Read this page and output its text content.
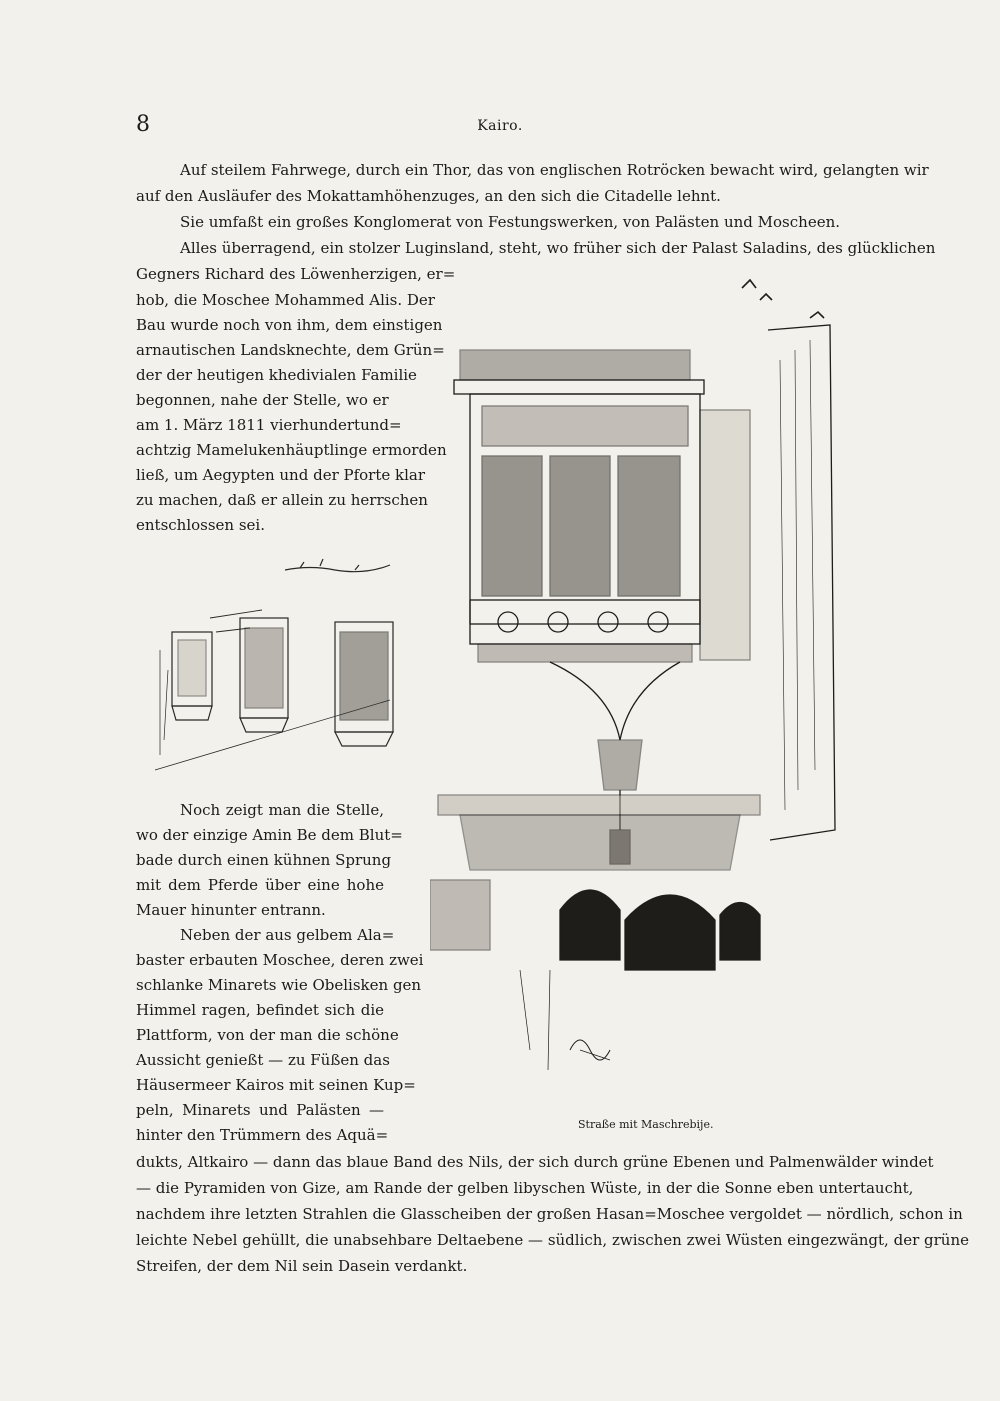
8	Kairo.
Auf steilem Fahrwege, durch ein Thor, das von englischen Rotröcken bewacht wird, gelangten wir
auf den Ausläufer des Mokattamhöhenzuges, an den sich die Citadelle lehnt.
Sie umfaßt ein großes Konglomerat von Festungswerken, von Palästen und Moscheen.
Alles überragend, ein stolzer Luginsland, steht, wo früher sich der Palast Saladins, des glücklichen
Gegners Richard des Löwenherzigen, er=
hob, die Moschee Mohammed Alis. Der
Bau wurde noch von ihm, dem einstigen
arnautischen Landsknechte, dem Grün=
der der heutigen khedivialen Familie
begonnen, nahe der Stelle, wo er
am 1. März 1811 vierhundertund=
achtzig Mamelukenhäuptlinge ermorden
ließ, um Aegypten und der Pforte klar
zu machen, daß er allein zu herrschen
entschlossen sei.
Noch zeigt man die Stelle,
wo der einzige Amin Be dem Blut=
bade durch einen kühnen Sprung
mit dem Pferde über eine hohe
Mauer hinunter entrann.
Neben der aus gelbem Ala=
baster erbauten Moschee, deren zwei
schlanke Minarets wie Obelisken gen
Himmel ragen, befindet sich die
Plattform, von der man die schöne
Aussicht genießt — zu Füßen das
Häusermeer Kairos mit seinen Kup=
peln, Minarets und Palästen —
hinter den Trümmern des Aquä=
dukts, Altkairo — dann das blaue Band des Nils, der sich durch grüne Ebenen und Palmenwälder windet
— die Pyramiden von Gize, am Rande der gelben libyschen Wüste, in der die Sonne eben untertaucht,
nachdem ihre letzten Strahlen die Glasscheiben der großen Hasan=Moschee vergoldet — nördlich, schon in
leichte Nebel gehüllt, die unabsehbare Deltaebene — südlich, zwischen zwei Wüsten eingezwängt, der grüne
Streifen, der dem Nil sein Dasein verdankt.
Straße mit Maschrebije.
